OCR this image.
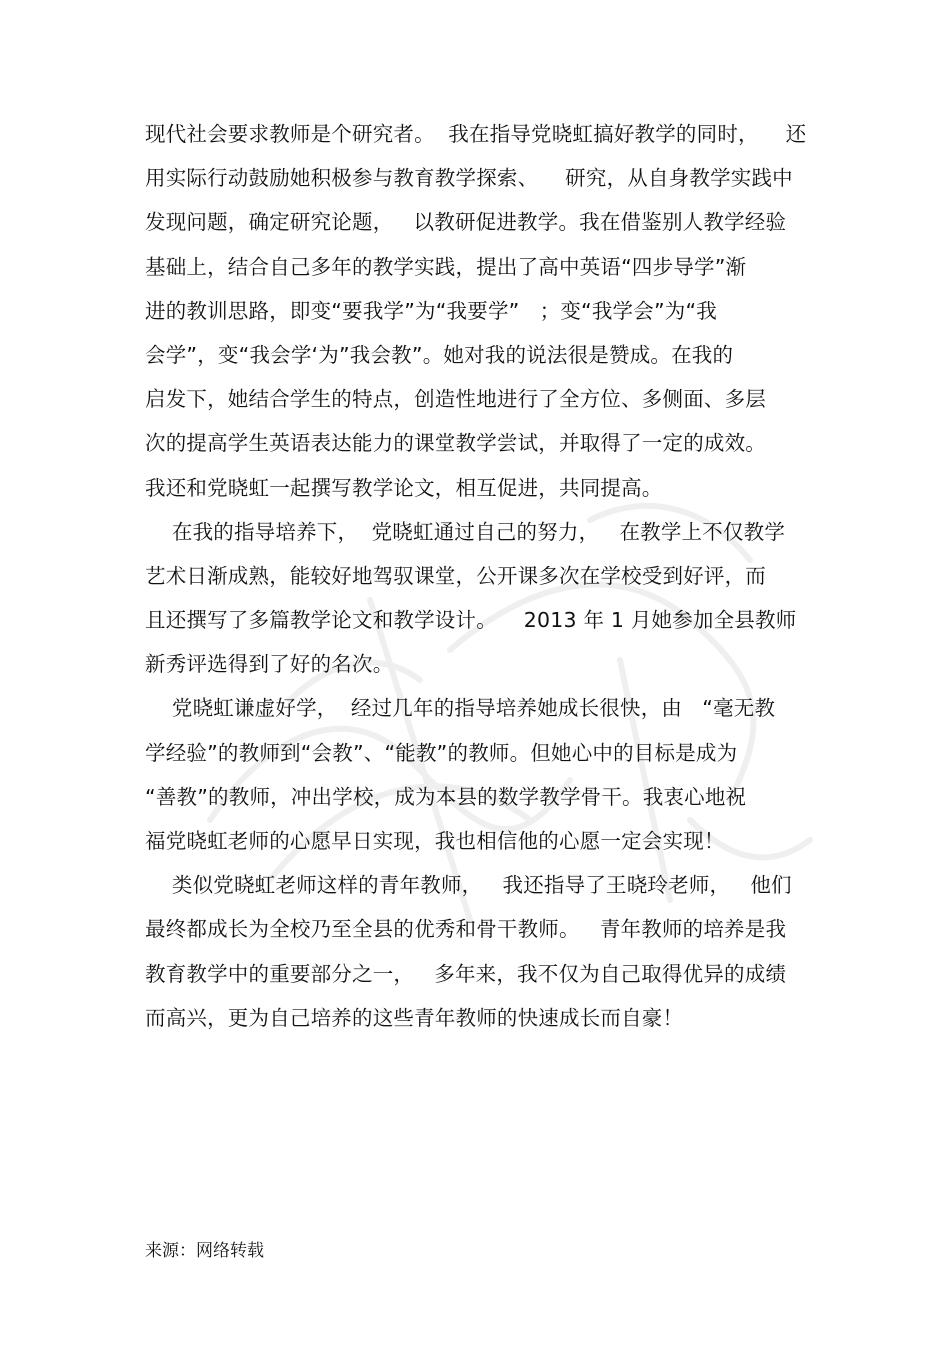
现代社会要求教师是个研究者。  我在指导党晓虹搞好教学的同时，    还
用实际行动鼓励她积极参与教育教学探索、    研究，从自身教学实践中
发现问题，确定研究论题，   以教研促进教学。我在借鉴别人教学经验
基础上，结合自己多年的教学实践，提出了高中英语“四步导学”渐
进的教训思路，即变“要我学”为“我要学”   ；变“我学会”为“我
会学”，变“我会学‘为”我会教”。她对我的说法很是赞成。在我的
启发下，她结合学生的特点，创造性地进行了全方位、多侧面、多层
次的提高学生英语表达能力的课堂教学尝试，并取得了一定的成效。
我还和党晓虹一起撰写教学论文，相互促进，共同提高。
在我的指导培养下，  党晓虹通过自己的努力，   在教学上不仅教学
艺术日渐成熟，能较好地驾驭课堂，公开课多次在学校受到好评，而
且还撰写了多篇教学论文和教学设计。    2013 年 1 月她参加全县教师
新秀评选得到了好的名次。
党晓虹谦虚好学，  经过几年的指导培养她成长很快，由   “毫无教
学经验”的教师到“会教”、“能教”的教师。但她心中的目标是成为
“善教”的教师，冲出学校，成为本县的数学教学骨干。我衷心地祝
福党晓虹老师的心愿早日实现，我也相信他的心愿一定会实现！
类似党晓虹老师这样的青年教师，   我还指导了王晓玲老师，   他们
最终都成长为全校乃至全县的优秀和骨干教师。   青年教师的培养是我
教育教学中的重要部分之一，   多年来，我不仅为自己取得优异的成绩
而高兴，更为自己培养的这些青年教师的快速成长而自豪！
来源：网络转载
